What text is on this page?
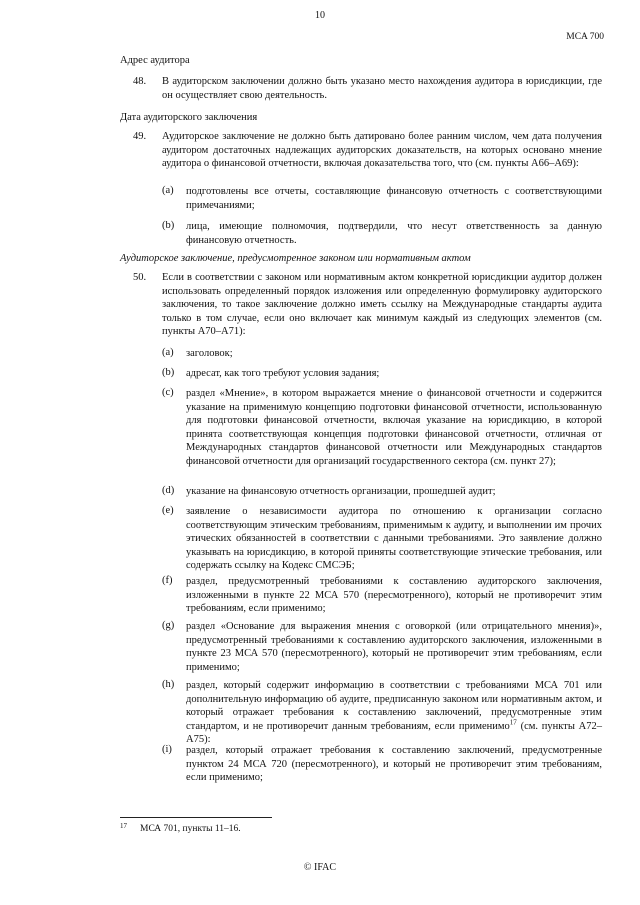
10
MCA 700
Адрес аудитора
48. В аудиторском заключении должно быть указано место нахождения аудитора в юрисдикции, где он осуществляет свою деятельность.
Дата аудиторского заключения
49. Аудиторское заключение не должно быть датировано более ранним числом, чем дата получения аудитором достаточных надлежащих аудиторских доказательств, на которых основано мнение аудитора о финансовой отчетности, включая доказательства того, что (см. пункты A66–A69):
(a) подготовлены все отчеты, составляющие финансовую отчетность с соответствующими примечаниями;
(b) лица, имеющие полномочия, подтвердили, что несут ответственность за данную финансовую отчетность.
Аудиторское заключение, предусмотренное законом или нормативным актом
50. Если в соответствии с законом или нормативным актом конкретной юрисдикции аудитор должен использовать определенный порядок изложения или определенную формулировку аудиторского заключения, то такое заключение должно иметь ссылку на Международные стандарты аудита только в том случае, если оно включает как минимум каждый из следующих элементов (см. пункты A70–A71):
(a) заголовок;
(b) адресат, как того требуют условия задания;
(c) раздел «Мнение», в котором выражается мнение о финансовой отчетности и содержится указание на применимую концепцию подготовки финансовой отчетности, использованную для подготовки финансовой отчетности, включая указание на юрисдикцию, в которой принята соответствующая концепция подготовки финансовой отчетности, отличная от Международных стандартов финансовой отчетности или Международных стандартов финансовой отчетности для организаций государственного сектора (см. пункт 27);
(d) указание на финансовую отчетность организации, прошедшей аудит;
(e) заявление о независимости аудитора по отношению к организации согласно соответствующим этическим требованиям, применимым к аудиту, и выполнении им прочих этических обязанностей в соответствии с данными требованиями. Это заявление должно указывать на юрисдикцию, в которой приняты соответствующие этические требования, или содержать ссылку на Кодекс СМСЭБ;
(f) раздел, предусмотренный требованиями к составлению аудиторского заключения, изложенными в пункте 22 МСА 570 (пересмотренного), который не противоречит этим требованиям, если применимо;
(g) раздел «Основание для выражения мнения с оговоркой (или отрицательного мнения)», предусмотренный требованиями к составлению аудиторского заключения, изложенными в пункте 23 МСА 570 (пересмотренного), который не противоречит этим требованиям, если применимо;
(h) раздел, который содержит информацию в соответствии с требованиями МСА 701 или дополнительную информацию об аудите, предписанную законом или нормативным актом, и который отражает требования к составлению заключений, предусмотренные этим стандартом, и не противоречит данным требованиям, если применимо$^{17}$ (см. пункты A72–A75):
(i) раздел, который отражает требования к составлению заключений, предусмотренные пунктом 24 МСА 720 (пересмотренного), и который не противоречит этим требованиям, если применимо;
17 МСА 701, пункты 11–16.
© IFAC
